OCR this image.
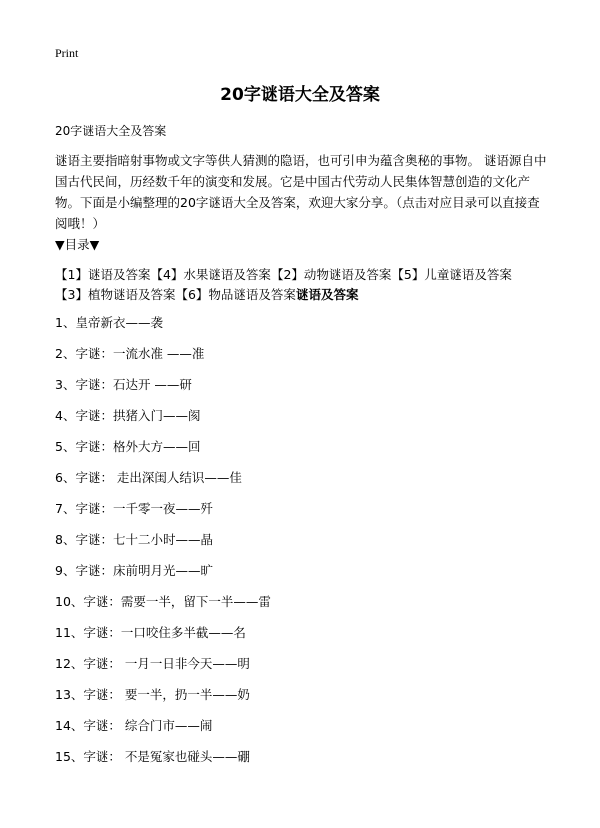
Print
20字谜语大全及答案
20字谜语大全及答案
谜语主要指暗射事物或文字等供人猜测的隐语，也可引申为蕴含奥秘的事物。 谜语源自中国古代民间，历经数千年的演变和发展。它是中国古代劳动人民集体智慧创造的文化产物。下面是小编整理的20字谜语大全及答案，欢迎大家分享。（点击对应目录可以直接查阅哦！）
▼目录▼
【1】谜语及答案【4】水果谜语及答案【2】动物谜语及答案【5】儿童谜语及答案
【3】植物谜语及答案【6】物品谜语及答案谜语及答案
1、皇帝新衣——袭
2、字谜：一流水准 ——准
3、字谜：石达开 ——研
4、字谜：拱猪入门——阂
5、字谜：格外大方——回
6、字谜： 走出深闺人结识——佳
7、字谜：一千零一夜——歼
8、字谜：七十二小时——晶
9、字谜：床前明月光——旷
10、字谜：需要一半，留下一半——雷
11、字谜：一口咬住多半截——名
12、字谜： 一月一日非今天——明
13、字谜： 要一半，扔一半——奶
14、字谜： 综合门市——闹
15、字谜： 不是冤家也碰头——硼
